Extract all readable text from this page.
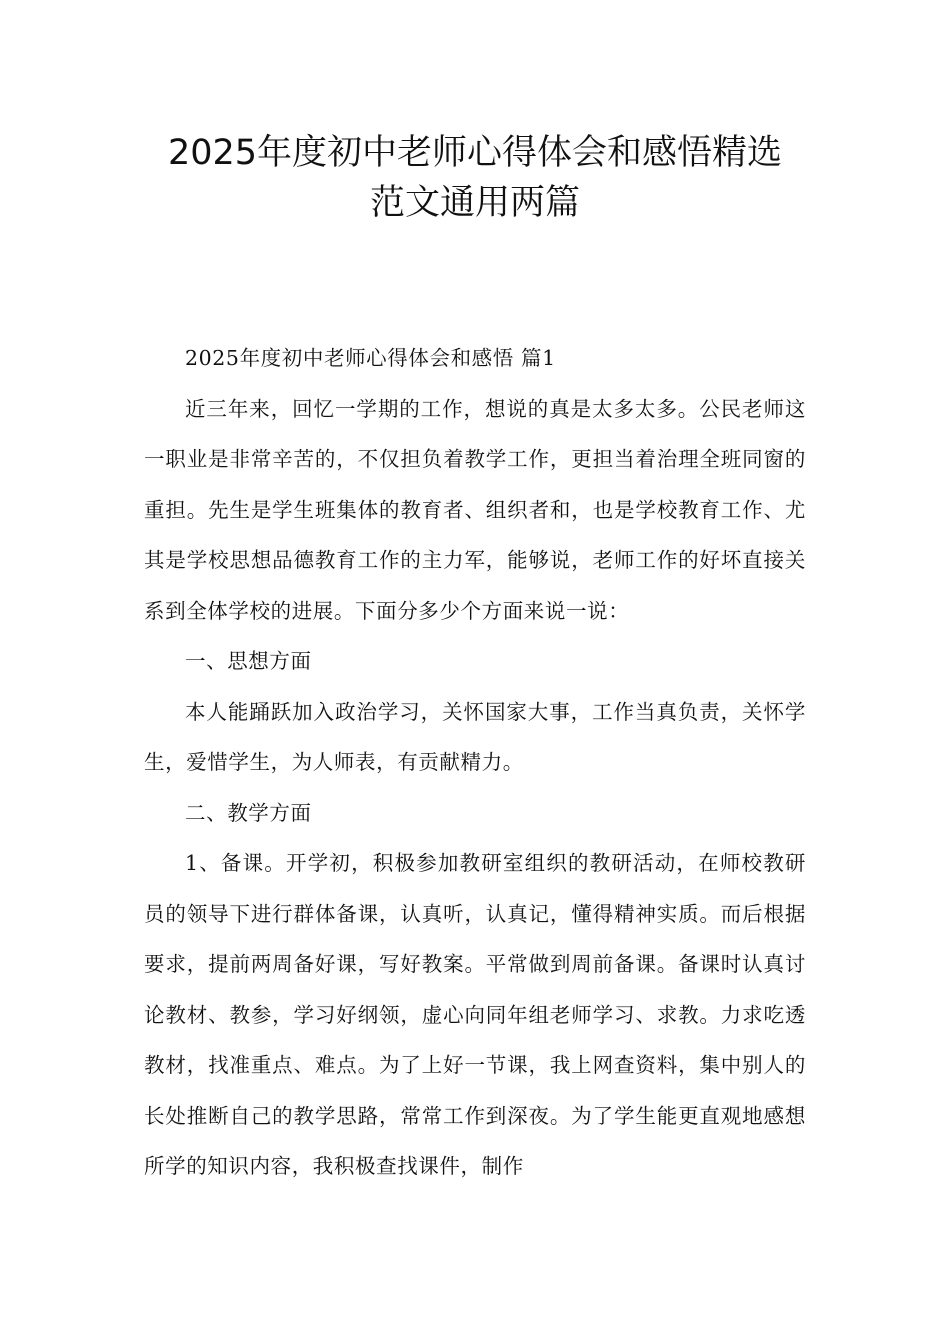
2025年度初中老师心得体会和感悟精选
范文通用两篇

2025年度初中老师心得体会和感悟 篇1

近三年来，回忆一学期的工作，想说的真是太多太多。公民老师这一职业是非常辛苦的，不仅担负着教学工作，更担当着治理全班同窗的重担。先生是学生班集体的教育者、组织者和，也是学校教育工作、尤其是学校思想品德教育工作的主力军，能够说，老师工作的好坏直接关系到全体学校的进展。下面分多少个方面来说一说：

一、思想方面

本人能踊跃加入政治学习，关怀国家大事，工作当真负责，关怀学生，爱惜学生，为人师表，有贡献精力。

二、教学方面

1、备课。开学初，积极参加教研室组织的教研活动，在师校教研员的领导下进行群体备课，认真听，认真记，懂得精神实质。而后根据要求，提前两周备好课，写好教案。平常做到周前备课。备课时认真讨论教材、教参，学习好纲领，虚心向同年组老师学习、求教。力求吃透教材，找准重点、难点。为了上好一节课，我上网查资料，集中别人的长处推断自己的教学思路，常常工作到深夜。为了学生能更直观地感想所学的知识内容，我积极查找课件，制作
